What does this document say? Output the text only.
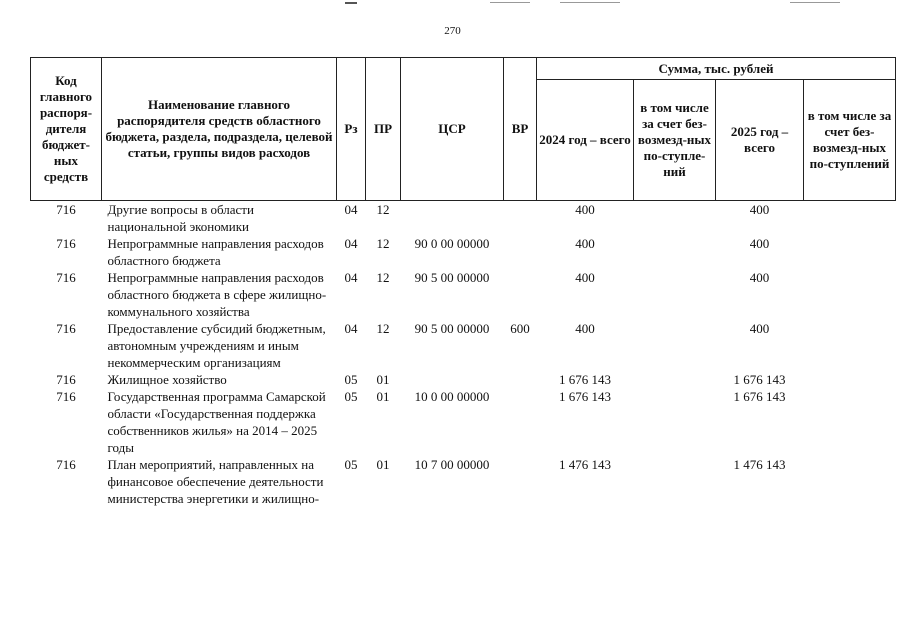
270
Код главного распоря-дителя бюджет-ных средств	Наименование главного распорядителя средств областного бюджета, раздела, подраздела, целевой статьи, группы видов расходов	Рз	ПР	ЦСР	ВР	Сумма, тыс. рублей			
						2024 год – всего	в том числе за счет без-возмезд-ных по-ступле-ний	2025 год – всего	в том числе за счет без-возмезд-ных по-ступлений
716	Другие вопросы в области национальной экономики	04	12			400		400	
716	Непрограммные направления расходов областного бюджета	04	12	90 0 00 00000		400		400	
716	Непрограммные направления расходов областного бюджета в сфере жилищно-коммунального хозяйства	04	12	90 5 00 00000		400		400	
716	Предоставление субсидий бюджетным, автономным учреждениям и иным некоммерческим организациям	04	12	90 5 00 00000	600	400		400	
716	Жилищное хозяйство	05	01			1 676 143		1 676 143	
716	Государственная программа Самарской области «Государственная поддержка собственников жилья» на 2014 – 2025 годы	05	01	10 0 00 00000		1 676 143		1 676 143	
716	План мероприятий, направленных на финансовое обеспечение деятельности министерства энергетики и жилищно-	05	01	10 7 00 00000		1 476 143		1 476 143	
